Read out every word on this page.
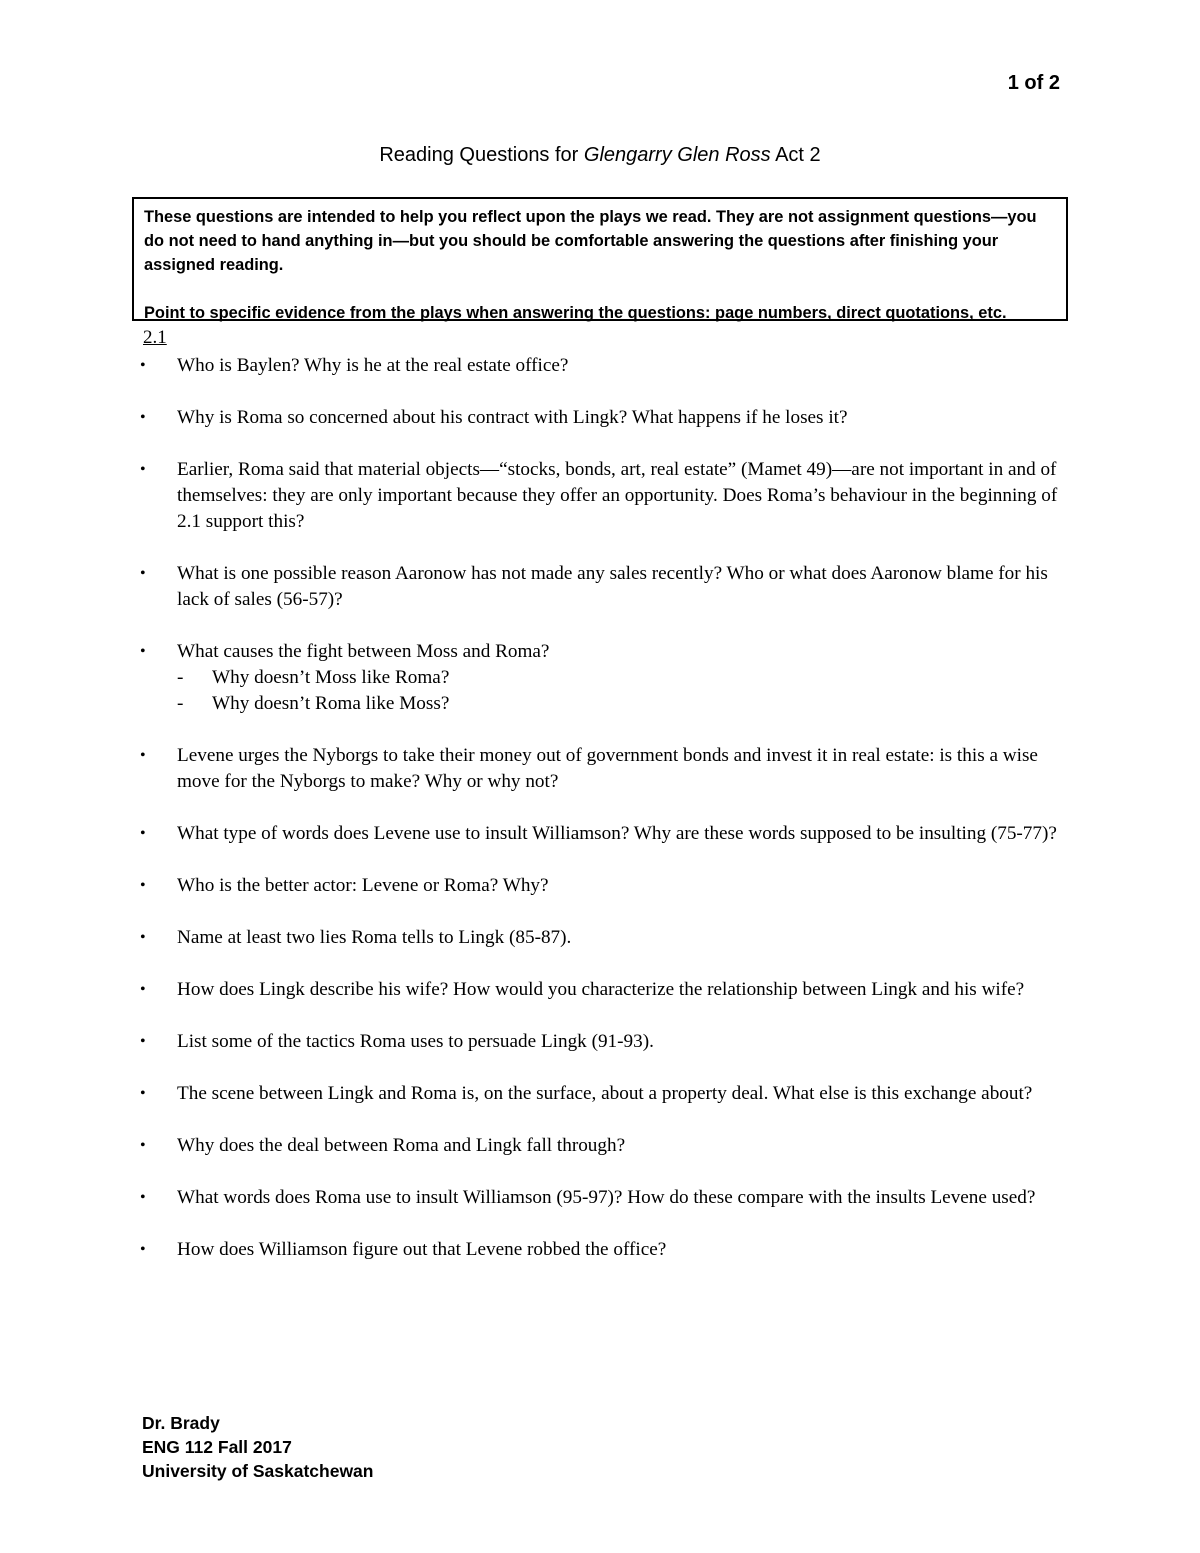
1 of 2
Reading Questions for Glengarry Glen Ross Act 2

These questions are intended to help you reflect upon the plays we read. They are not assignment questions—you do not need to hand anything in—but you should be comfortable answering the questions after finishing your assigned reading.

Point to specific evidence from the plays when answering the questions: page numbers, direct quotations, etc.

2.1
•	Who is Baylen? Why is he at the real estate office?
•	Why is Roma so concerned about his contract with Lingk? What happens if he loses it?
•	Earlier, Roma said that material objects—“stocks, bonds, art, real estate” (Mamet 49)—are not important in and of themselves: they are only important because they offer an opportunity. Does Roma’s behaviour in the beginning of 2.1 support this?
•	What is one possible reason Aaronow has not made any sales recently? Who or what does Aaronow blame for his lack of sales (56-57)?
•	What causes the fight between Moss and Roma?
- Why doesn’t Moss like Roma?
- Why doesn’t Roma like Moss?
•	Levene urges the Nyborgs to take their money out of government bonds and invest it in real estate: is this a wise move for the Nyborgs to make? Why or why not?
•	What type of words does Levene use to insult Williamson? Why are these words supposed to be insulting (75-77)?
•	Who is the better actor: Levene or Roma? Why?
•	Name at least two lies Roma tells to Lingk (85-87).
•	How does Lingk describe his wife? How would you characterize the relationship between Lingk and his wife?
•	List some of the tactics Roma uses to persuade Lingk (91-93).
•	The scene between Lingk and Roma is, on the surface, about a property deal. What else is this exchange about?
•	Why does the deal between Roma and Lingk fall through?
•	What words does Roma use to insult Williamson (95-97)? How do these compare with the insults Levene used?
•	How does Williamson figure out that Levene robbed the office?
Dr. Brady
ENG 112 Fall 2017
University of Saskatchewan
